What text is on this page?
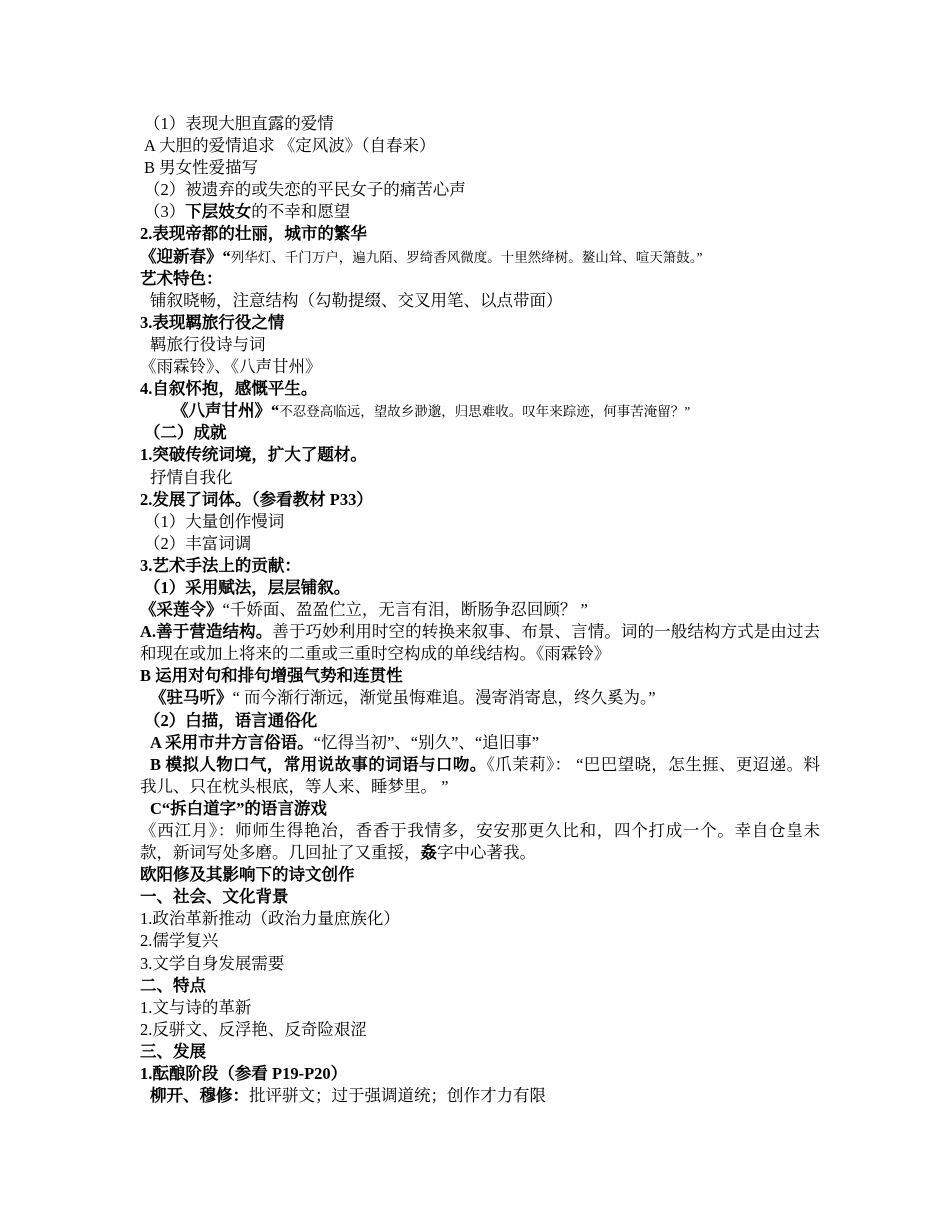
（1）表现大胆直露的爱情
A 大胆的爱情追求 《定风波》（自春来）
B 男女性爱描写
（2）被遗弃的或失恋的平民女子的痛苦心声
（3）下层妓女的不幸和愿望
2.表现帝都的壮丽，城市的繁华
《迎新春》“列华灯、千门万户，遍九陌、罗绮香风微度。十里然绛树。鳌山耸、喧天箫鼓。”
艺术特色：
铺叙晓畅，注意结构（勾勒提缀、交叉用笔、以点带面）
3.表现羁旅行役之情
羁旅行役诗与词
《雨霖铃》、《八声甘州》
4.自叙怀抱，感慨平生。
《八声甘州》“不忍登高临远，望故乡渺邈，归思难收。叹年来踪迹，何事苦淹留？”
（二）成就
1.突破传统词境，扩大了题材。
抒情自我化
2.发展了词体。（参看教材 P33）
（1）大量创作慢词
（2）丰富词调
3.艺术手法上的贡献：
（1）采用赋法，层层铺叙。
《采莲令》“千娇面、盈盈伫立，无言有泪，断肠争忍回顾？ ”
A.善于营造结构。善于巧妙利用时空的转换来叙事、布景、言情。词的一般结构方式是由过去和现在或加上将来的二重或三重时空构成的单线结构。《雨霖铃》
B 运用对句和排句增强气势和连贯性
《驻马听》“ 而今渐行渐远，渐觉虽悔难追。漫寄消寄息，终久奚为。”
（2）白描，语言通俗化
A 采用市井方言俗语。“忆得当初”、“别久”、“追旧事”
B 模拟人物口气，常用说故事的词语与口吻。《爪茉莉》： “巴巴望晓，怎生捱、更迢递。料我儿、只在枕头根底，等人来、睡梦里。 ”
C“拆白道字”的语言游戏
《西江月》：师师生得艳冶，香香于我情多，安安那更久比和，四个打成一个。幸自仓皇未款，新词写处多磨。几回扯了又重挼，姦字中心著我。
欧阳修及其影响下的诗文创作
一、社会、文化背景
1.政治革新推动（政治力量庶族化）
2.儒学复兴
3.文学自身发展需要
二、特点
1.文与诗的革新
2.反骈文、反浮艳、反奇险艰涩
三、发展
1.酝酿阶段（参看 P19-P20）
柳开、穆修：批评骈文；过于强调道统；创作才力有限
